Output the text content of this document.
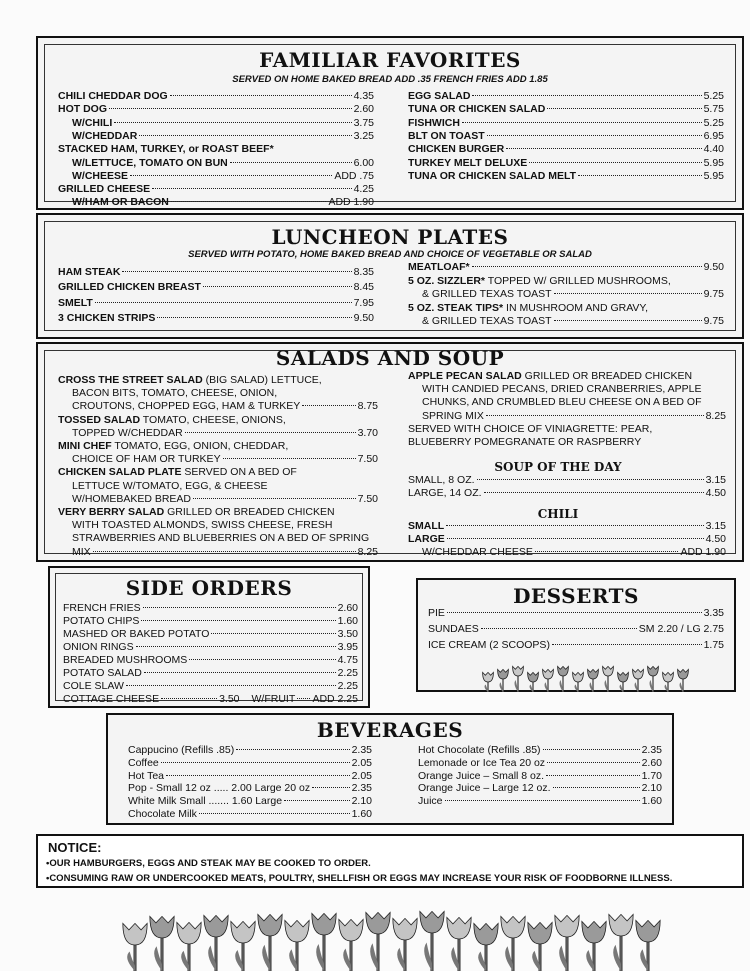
FAMILIAR FAVORITES
SERVED ON HOME BAKED BREAD ADD .35 FRENCH FRIES ADD 1.85
CHILI CHEDDAR DOG	4.35
HOT DOG	2.60
W/CHILI	3.75
W/CHEDDAR	3.25
STACKED HAM, TURKEY, or ROAST BEEF*
W/LETTUCE, TOMATO ON BUN	6.00
W/CHEESE	ADD .75
GRILLED CHEESE	4.25
W/HAM OR BACON	ADD 1.90
EGG SALAD	5.25
TUNA OR CHICKEN SALAD	5.75
FISHWICH	5.25
BLT ON TOAST	6.95
CHICKEN BURGER	4.40
TURKEY MELT DELUXE	5.95
TUNA OR CHICKEN SALAD MELT	5.95
LUNCHEON PLATES
SERVED WITH POTATO, HOME BAKED BREAD AND CHOICE OF VEGETABLE OR SALAD
HAM STEAK	8.35
GRILLED CHICKEN BREAST	8.45
SMELT	7.95
3 CHICKEN STRIPS	9.50
MEATLOAF*	9.50
5 OZ. SIZZLER* TOPPED W/ GRILLED MUSHROOMS,
& GRILLED TEXAS TOAST	9.75
5 OZ. STEAK TIPS* IN MUSHROOM AND GRAVY,
& GRILLED TEXAS TOAST	9.75
SALADS AND SOUP
SOUP OF THE DAY
CHILI
CROSS THE STREET SALAD (BIG SALAD) LETTUCE,
BACON BITS, TOMATO, CHEESE, ONION,
CROUTONS, CHOPPED EGG, HAM & TURKEY	8.75
TOSSED SALAD TOMATO, CHEESE, ONIONS,
TOPPED W/CHEDDAR	3.70
MINI CHEF TOMATO, EGG, ONION, CHEDDAR,
CHOICE OF HAM OR TURKEY	7.50
CHICKEN SALAD PLATE SERVED ON A BED OF
LETTUCE W/TOMATO, EGG, & CHEESE
W/HOMEBAKED BREAD	7.50
VERY BERRY SALAD GRILLED OR BREADED CHICKEN
WITH TOASTED ALMONDS, SWISS CHEESE, FRESH
STRAWBERRIES AND BLUEBERRIES ON A BED OF SPRING
MIX	8.25
APPLE PECAN SALAD GRILLED OR BREADED CHICKEN
WITH CANDIED PECANS, DRIED CRANBERRIES, APPLE
CHUNKS, AND CRUMBLED BLEU CHEESE ON A BED OF
SPRING MIX	8.25
SERVED WITH CHOICE OF VINIAGRETTE: PEAR,
BLUEBERRY POMEGRANATE OR RASPBERRY
SMALL, 8 OZ.	3.15
LARGE, 14 OZ.	4.50
SMALL	3.15
LARGE	4.50
W/CHEDDAR CHEESE	ADD 1.90
SIDE ORDERS
COTTAGE CHEESE	3.50 W/FRUIT ADD 2.25
FRENCH FRIES	2.60
POTATO CHIPS	1.60
MASHED OR BAKED POTATO	3.50
ONION RINGS	3.95
BREADED MUSHROOMS	4.75
POTATO SALAD	2.25
COLE SLAW	2.25
DESSERTS
PIE	3.35
SUNDAES	SM 2.20 / LG 2.75
ICE CREAM (2 SCOOPS)	1.75
BEVERAGES
Cappucino (Refills .85)	2.35
Coffee	2.05
Hot Tea	2.05
Pop - Small 12 oz ..... 2.00 Large 20 oz	2.35
White Milk Small ....... 1.60 Large	2.10
Chocolate Milk	1.60
Hot Chocolate (Refills .85)	2.35
Lemonade or Ice Tea 20 oz	2.60
Orange Juice – Small 8 oz.	1.70
Orange Juice – Large 12 oz.	2.10
Juice	1.60
NOTICE:
•OUR HAMBURGERS, EGGS AND STEAK MAY BE COOKED TO ORDER.
•CONSUMING RAW OR UNDERCOOKED MEATS, POULTRY, SHELLFISH OR EGGS MAY INCREASE YOUR RISK OF FOODBORNE ILLNESS.
